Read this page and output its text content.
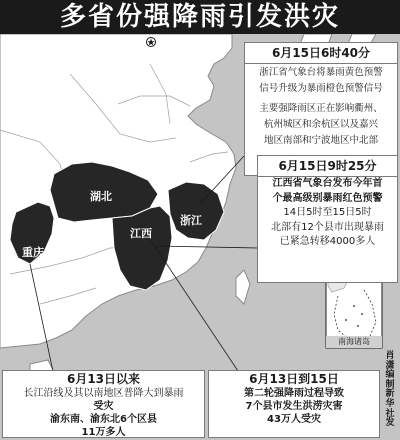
多省份强降雨引发洪灾
重庆
湖北
江西
浙江
南海诸岛
6月15日6时40分

浙江省气象台将暴雨黄色预警

信号升级为暴雨橙色预警信号

主要强降雨区正在影响衢州、

杭州城区和余杭区以及嘉兴

地区南部和宁波地区中北部

6月15日9时25分

江西省气象台发布今年首

个最高级别暴雨红色预警

14日5时至15日5时

北部有12个县市出现暴雨

已紧急转移4000多人

6月13日以来

长江沿线及其以南地区普降大到暴雨

受灾

渝东南、渝东北6个区县

11万多人

6月13日到15日

第二轮强降雨过程导致

7个县市发生洪涝灾害

43万人受灾

肖潇编制新华社发
